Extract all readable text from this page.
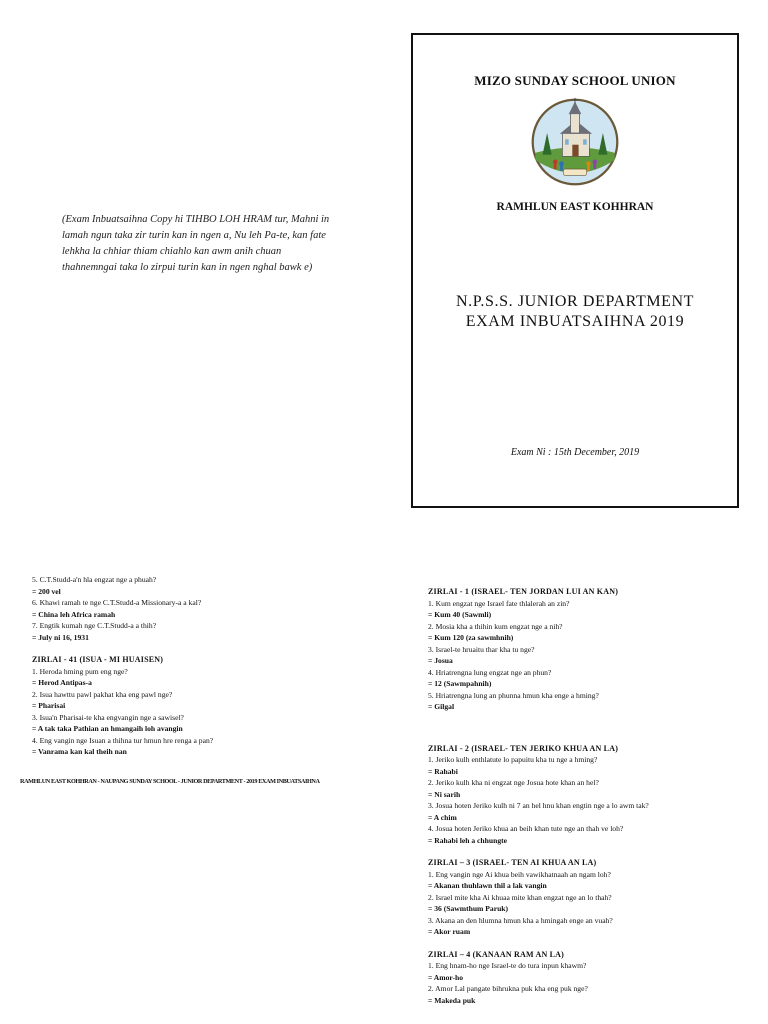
(Exam Inbuatsaihna Copy hi TIHBO LOH HRAM tur, Mahni in lamah ngun taka zir turin kan in ngen a, Nu leh Pa-te, kan fate lehkha la chhiar thiam chiahlo kan awm anih chuan thahnemngai taka lo zirpui turin kan in ngen nghal bawk e)
MIZO SUNDAY SCHOOL UNION
RAMHLUN EAST KOHHRAN
N.P.S.S. JUNIOR DEPARTMENT
EXAM INBUATSAIHNA 2019
Exam Ni : 15th December, 2019
5. C.T.Studd-a'n hla engzat nge a phuah?
= 200 vel
6. Khawi ramah te nge C.T.Studd-a Missionary-a a kal?
= China leh Africa ramah
7. Engtik kumah nge C.T.Studd-a a thih?
= July ni 16, 1931
ZIRLAI - 41 (ISUA - MI HUAISEN)
1. Heroda hming pum eng nge?
= Herod Antipas-a
2. Isua hawttu pawl pakhat kha eng pawl nge?
= Pharisai
3. Isua'n Pharisai-te kha engvangin nge a sawisel?
= A tak taka Pathian an hmangaih loh avangin
4. Eng vangin nge Isuan a thihna tur hmun hre renga a pan?
= Vanrama kan kal theih nan
RAMHLUN EAST KOHHRAN - NAUPANG SUNDAY SCHOOL - JUNIOR DEPARTMENT - 2019 EXAM INBUATSAIHNA
ZIRLAI - 1 (ISRAEL- TEN JORDAN LUI AN KAN)
1. Kum engzat nge Israel fate thlalerah an zin?
= Kum 40 (Sawmli)
2. Mosia kha a thihin kum engzat nge a nih?
= Kum 120 (za sawmhnih)
3. Israel-te hruaitu thar kha tu nge?
= Josua
4. Hriatrengna lung engzat nge an phun?
= 12 (Sawmpahnih)
5. Hriatrengna lung an phunna hmun kha enge a hming?
= Gilgal
ZIRLAI - 2 (ISRAEL- TEN JERIKO KHUA AN LA)
1. Jeriko kulh enthlatute lo papuitu kha tu nge a hming?
= Rahabi
2. Jeriko kulh kha ni engzat nge Josua hote khan an hel?
= Ni sarih
3. Josua hoten Jeriko kulh ni 7 an hel hnu khan engtin nge a lo awm tak?
= A chim
4. Josua hoten Jeriko khua an beih khan tute nge an thah ve loh?
= Rahabi leh a chhungte
ZIRLAI – 3 (ISRAEL- TEN AI KHUA AN LA)
1. Eng vangin nge Ai khua beih vawikhatnaah an ngam loh?
= Akanan thuhlawn thil a lak vangin
2. Israel mite kha Ai khuaa mite khan engzat nge an lo thah?
= 36 (Sawmthum Paruk)
3. Akana an den hlumna hmun kha a hmingah enge an vuah?
= Akor ruam
ZIRLAI – 4 (KANAAN RAM AN LA)
1. Eng hnam-ho nge Israel-te do tura inpun khawm?
= Amor-ho
2. Amor Lal pangate bihrukna puk kha eng puk nge?
= Makeda puk
